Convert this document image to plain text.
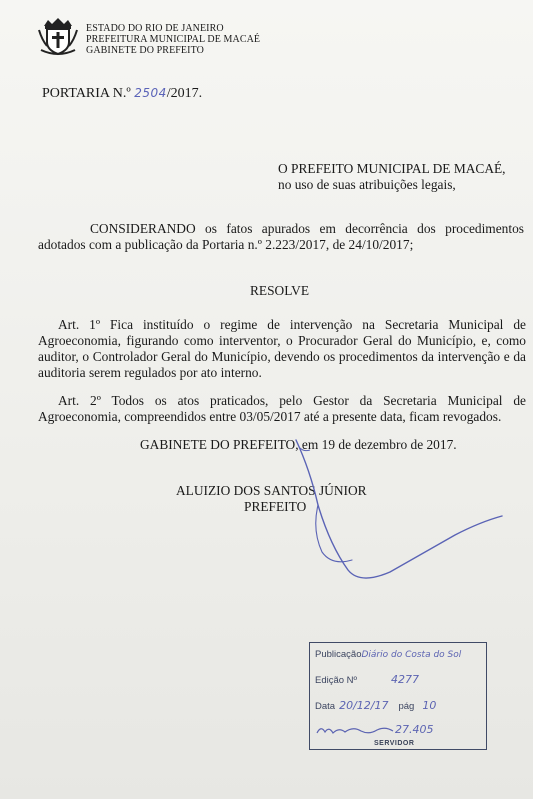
ESTADO DO RIO DE JANEIRO
PREFEITURA MUNICIPAL DE MACAÉ
GABINETE DO PREFEITO
PORTARIA N.º 2504/2017.
O PREFEITO MUNICIPAL DE MACAÉ,
no uso de suas atribuições legais,
CONSIDERANDO os fatos apurados em decorrência dos procedimentos adotados com a publicação da Portaria n.º 2.223/2017, de 24/10/2017;
RESOLVE
Art. 1º Fica instituído o regime de intervenção na Secretaria Municipal de Agroeconomia, figurando como interventor, o Procurador Geral do Município, e, como auditor, o Controlador Geral do Município, devendo os procedimentos da intervenção e da auditoria serem regulados por ato interno.
Art. 2º Todos os atos praticados, pelo Gestor da Secretaria Municipal de Agroeconomia, compreendidos entre 03/05/2017 até a presente data, ficam revogados.
GABINETE DO PREFEITO, em 19 de dezembro de 2017.
ALUIZIO DOS SANTOS JÚNIOR
PREFEITO
PublicaçãoDiário do Costa do Sol
Edição Nº	4277
Data 20/12/17 pág 10
27.405
SERVIDOR
